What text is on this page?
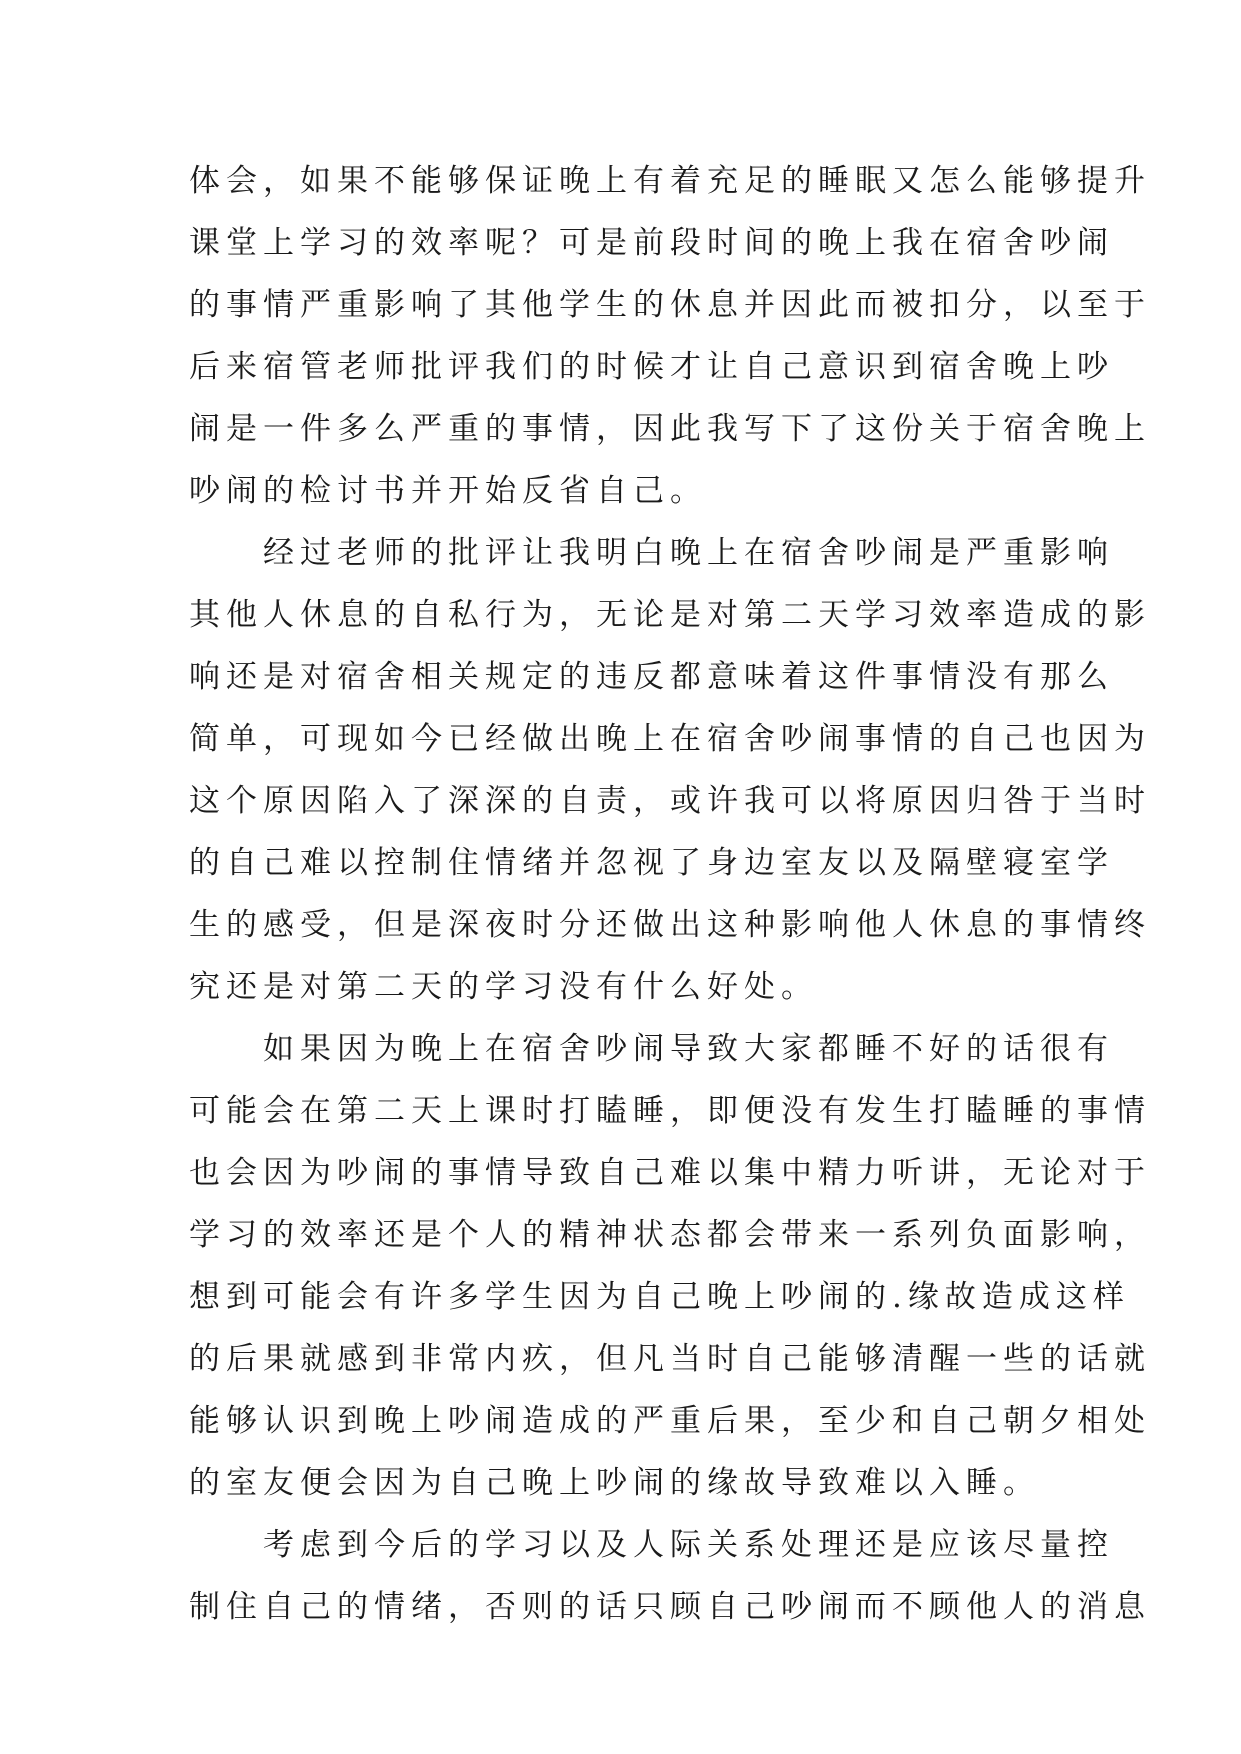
体会，如果不能够保证晚上有着充足的睡眠又怎么能够提升

课堂上学习的效率呢？可是前段时间的晚上我在宿舍吵闹

的事情严重影响了其他学生的休息并因此而被扣分，以至于

后来宿管老师批评我们的时候才让自己意识到宿舍晚上吵

闹是一件多么严重的事情，因此我写下了这份关于宿舍晚上

吵闹的检讨书并开始反省自己。

经过老师的批评让我明白晚上在宿舍吵闹是严重影响

其他人休息的自私行为，无论是对第二天学习效率造成的影

响还是对宿舍相关规定的违反都意味着这件事情没有那么

简单，可现如今已经做出晚上在宿舍吵闹事情的自己也因为

这个原因陷入了深深的自责，或许我可以将原因归咎于当时

的自己难以控制住情绪并忽视了身边室友以及隔壁寝室学

生的感受，但是深夜时分还做出这种影响他人休息的事情终

究还是对第二天的学习没有什么好处。

如果因为晚上在宿舍吵闹导致大家都睡不好的话很有

可能会在第二天上课时打瞌睡，即便没有发生打瞌睡的事情

也会因为吵闹的事情导致自己难以集中精力听讲，无论对于

学习的效率还是个人的精神状态都会带来一系列负面影响，

想到可能会有许多学生因为自己晚上吵闹的.缘故造成这样

的后果就感到非常内疚，但凡当时自己能够清醒一些的话就

能够认识到晚上吵闹造成的严重后果，至少和自己朝夕相处

的室友便会因为自己晚上吵闹的缘故导致难以入睡。

考虑到今后的学习以及人际关系处理还是应该尽量控

制住自己的情绪，否则的话只顾自己吵闹而不顾他人的消息
